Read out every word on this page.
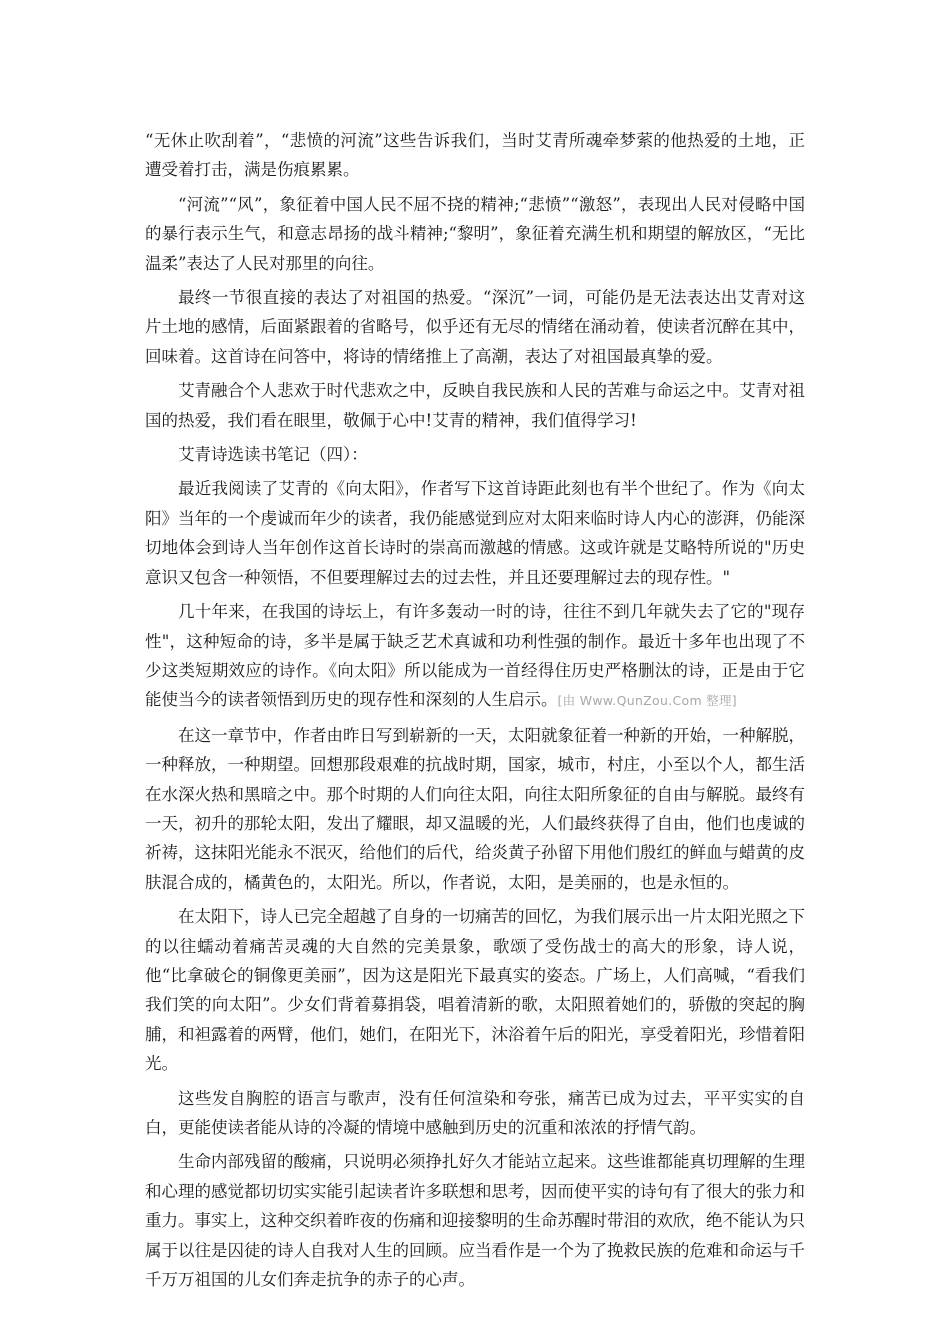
“无休止吹刮着”，“悲愤的河流”这些告诉我们，当时艾青所魂牵梦萦的他热爱的土地，正遭受着打击，满是伤痕累累。

“河流”“风”，象征着中国人民不屈不挠的精神;“悲愤”“激怒”，表现出人民对侵略中国的暴行表示生气，和意志昂扬的战斗精神;“黎明”，象征着充满生机和期望的解放区，“无比温柔”表达了人民对那里的向往。

最终一节很直接的表达了对祖国的热爱。“深沉”一词，可能仍是无法表达出艾青对这片土地的感情，后面紧跟着的省略号，似乎还有无尽的情绪在涌动着，使读者沉醉在其中，回味着。这首诗在问答中，将诗的情绪推上了高潮，表达了对祖国最真挚的爱。

艾青融合个人悲欢于时代悲欢之中，反映自我民族和人民的苦难与命运之中。艾青对祖国的热爱，我们看在眼里，敬佩于心中!艾青的精神，我们值得学习!

艾青诗选读书笔记（四）：

最近我阅读了艾青的《向太阳》，作者写下这首诗距此刻也有半个世纪了。作为《向太阳》当年的一个虔诚而年少的读者，我仍能感觉到应对太阳来临时诗人内心的澎湃，仍能深切地体会到诗人当年创作这首长诗时的崇高而激越的情感。这或许就是艾略特所说的"历史意识又包含一种领悟，不但要理解过去的过去性，并且还要理解过去的现存性。"

几十年来，在我国的诗坛上，有许多轰动一时的诗，往往不到几年就失去了它的"现存性"，这种短命的诗，多半是属于缺乏艺术真诚和功利性强的制作。最近十多年也出现了不少这类短期效应的诗作。《向太阳》所以能成为一首经得住历史严格删汰的诗，正是由于它能使当今的读者领悟到历史的现存性和深刻的人生启示。[由 Www.QunZou.Com 整理]

在这一章节中，作者由昨日写到崭新的一天，太阳就象征着一种新的开始，一种解脱，一种释放，一种期望。回想那段艰难的抗战时期，国家，城市，村庄，小至以个人，都生活在水深火热和黑暗之中。那个时期的人们向往太阳，向往太阳所象征的自由与解脱。最终有一天，初升的那轮太阳，发出了耀眼，却又温暖的光，人们最终获得了自由，他们也虔诚的祈祷，这抹阳光能永不泯灭，给他们的后代，给炎黄子孙留下用他们殷红的鲜血与蜡黄的皮肤混合成的，橘黄色的，太阳光。所以，作者说，太阳，是美丽的，也是永恒的。

在太阳下，诗人已完全超越了自身的一切痛苦的回忆，为我们展示出一片太阳光照之下的以往蠕动着痛苦灵魂的大自然的完美景象，歌颂了受伤战士的高大的形象，诗人说，他“比拿破仑的铜像更美丽”，因为这是阳光下最真实的姿态。广场上，人们高喊，“看我们我们笑的向太阳”。少女们背着募捐袋，唱着清新的歌，太阳照着她们的，骄傲的突起的胸脯，和袒露着的两臂，他们，她们，在阳光下，沐浴着午后的阳光，享受着阳光，珍惜着阳光。

这些发自胸腔的语言与歌声，没有任何渲染和夸张，痛苦已成为过去，平平实实的自白，更能使读者能从诗的冷凝的情境中感触到历史的沉重和浓浓的抒情气韵。

生命内部残留的酸痛，只说明必须挣扎好久才能站立起来。这些谁都能真切理解的生理和心理的感觉都切切实实能引起读者许多联想和思考，因而使平实的诗句有了很大的张力和重力。事实上，这种交织着昨夜的伤痛和迎接黎明的生命苏醒时带泪的欢欣，绝不能认为只属于以往是囚徒的诗人自我对人生的回顾。应当看作是一个为了挽救民族的危难和命运与千千万万祖国的儿女们奔走抗争的赤子的心声。
